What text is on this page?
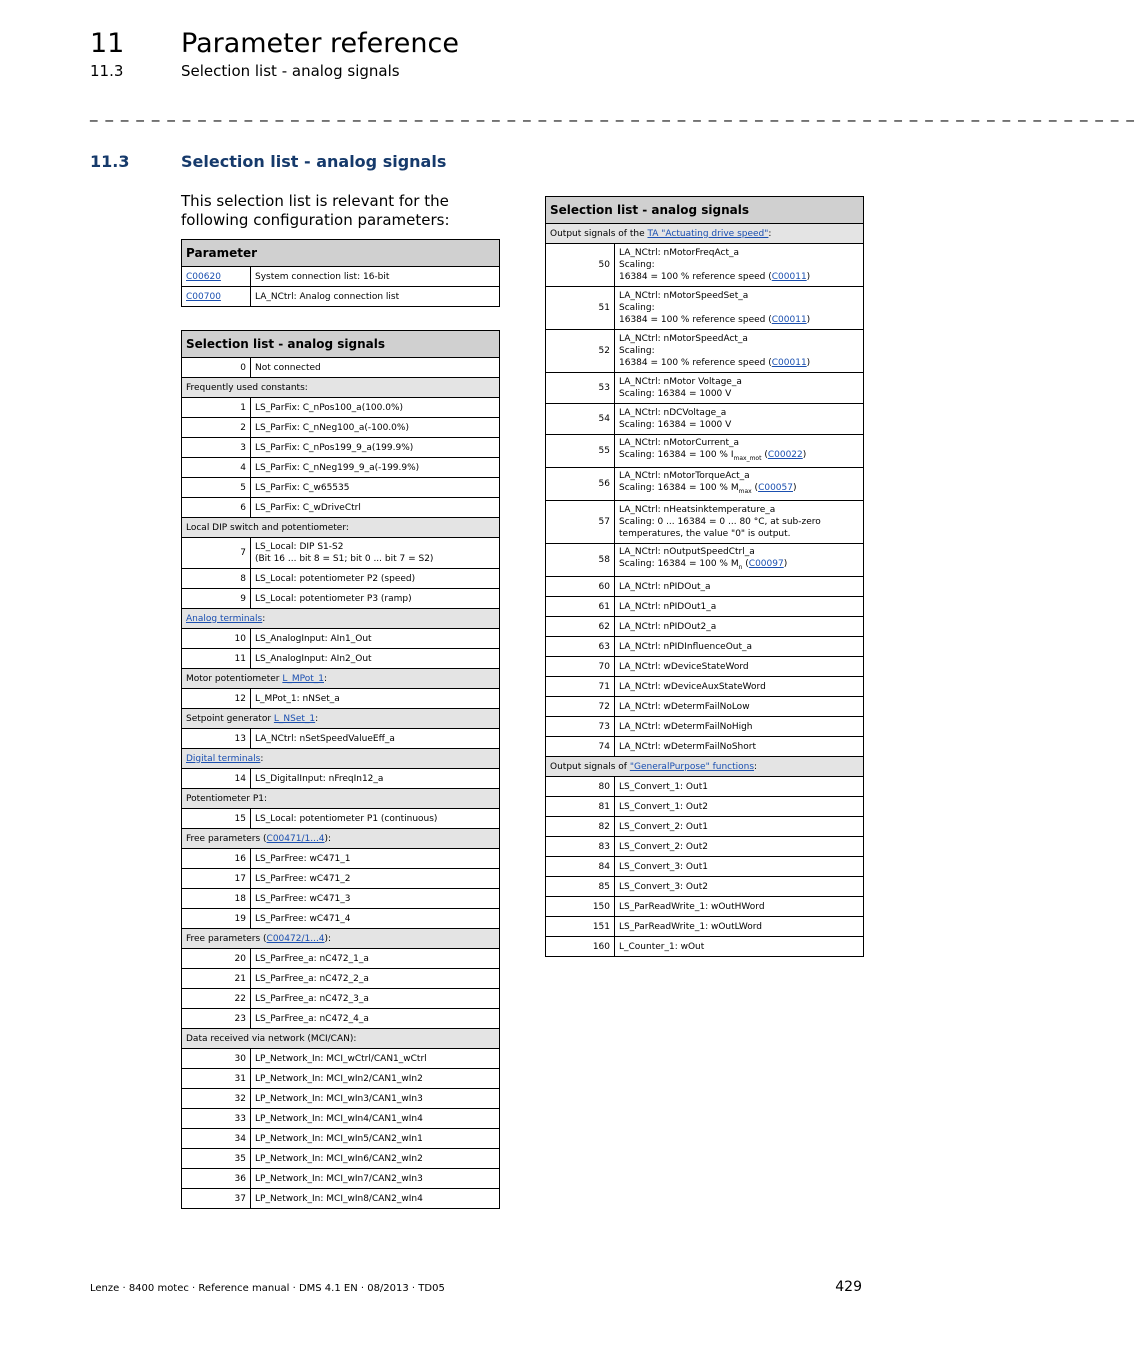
11 Parameter reference
11.3	Selection list - analog signals
_ _ _ _ _ _ _ _ _ _ _ _ _ _ _ _ _ _ _ _ _ _ _ _ _ _ _ _ _ _ _ _ _ _ _ _ _ _ _ _ _ _ _ _ _ _ _ _ _ _ _ _ _ _ _ _ _ _ _ _ _ _ _ _ _ _ _ _
11.3	Selection list - analog signals
This selection list is relevant for the following configuration parameters:
Parameter	
C00620	System connection list: 16-bit
C00700	LA_NCtrl: Analog connection list
Selection list - analog signals	
0	Not connected
Frequently used constants:	
1	LS_ParFix: C_nPos100_a(100.0%)
2	LS_ParFix: C_nNeg100_a(-100.0%)
3	LS_ParFix: C_nPos199_9_a(199.9%)
4	LS_ParFix: C_nNeg199_9_a(-199.9%)
5	LS_ParFix: C_w65535
6	LS_ParFix: C_wDriveCtrl
Local DIP switch and potentiometer:	
7	LS_Local: DIP S1-S2
(Bit 16 ... bit 8 = S1; bit 0 ... bit 7 = S2)
8	LS_Local: potentiometer P2 (speed)
9	LS_Local: potentiometer P3 (ramp)
Analog terminals:	
10	LS_AnalogInput: AIn1_Out
11	LS_AnalogInput: AIn2_Out
Motor potentiometer L_MPot_1:	
12	L_MPot_1: nNSet_a
Setpoint generator L_NSet_1:	
13	LA_NCtrl: nSetSpeedValueEff_a
Digital terminals:	
14	LS_DigitalInput: nFreqIn12_a
Potentiometer P1:	
15	LS_Local: potentiometer P1 (continuous)
Free parameters (C00471/1...4):	
16	LS_ParFree: wC471_1
17	LS_ParFree: wC471_2
18	LS_ParFree: wC471_3
19	LS_ParFree: wC471_4
Free parameters (C00472/1...4):	
20	LS_ParFree_a: nC472_1_a
21	LS_ParFree_a: nC472_2_a
22	LS_ParFree_a: nC472_3_a
23	LS_ParFree_a: nC472_4_a
Data received via network (MCI/CAN):	
30	LP_Network_In: MCI_wCtrl/CAN1_wCtrl
31	LP_Network_In: MCI_wIn2/CAN1_wIn2
32	LP_Network_In: MCI_wIn3/CAN1_wIn3
33	LP_Network_In: MCI_wIn4/CAN1_wIn4
34	LP_Network_In: MCI_wIn5/CAN2_wIn1
35	LP_Network_In: MCI_wIn6/CAN2_wIn2
36	LP_Network_In: MCI_wIn7/CAN2_wIn3
37	LP_Network_In: MCI_wIn8/CAN2_wIn4
Selection list - analog signals	
Output signals of the TA "Actuating drive speed":	
50	LA_NCtrl: nMotorFreqAct_a
Scaling:
16384 = 100 % reference speed (C00011)
51	LA_NCtrl: nMotorSpeedSet_a
Scaling:
16384 = 100 % reference speed (C00011)
52	LA_NCtrl: nMotorSpeedAct_a
Scaling:
16384 = 100 % reference speed (C00011)
53	LA_NCtrl: nMotor Voltage_a
Scaling: 16384 = 1000 V
54	LA_NCtrl: nDCVoltage_a
Scaling: 16384 = 1000 V
55	LA_NCtrl: nMotorCurrent_a
Scaling: 16384 = 100 % $I_{max\_mot}$ (C00022)
56	LA_NCtrl: nMotorTorqueAct_a
Scaling: 16384 = 100 % $M_{max}$ (C00057)
57	LA_NCtrl: nHeatsinktemperature_a
Scaling: 0 ... 16384 = 0 ... 80 °C, at sub-zero
temperatures, the value "0" is output.
58	LA_NCtrl: nOutputSpeedCtrl_a
Scaling: 16384 = 100 % $M_n$ (C00097)
60	LA_NCtrl: nPIDOut_a
61	LA_NCtrl: nPIDOut1_a
62	LA_NCtrl: nPIDOut2_a
63	LA_NCtrl: nPIDInfluenceOut_a
70	LA_NCtrl: wDeviceStateWord
71	LA_NCtrl: wDeviceAuxStateWord
72	LA_NCtrl: wDetermFailNoLow
73	LA_NCtrl: wDetermFailNoHigh
74	LA_NCtrl: wDetermFailNoShort
Output signals of "GeneralPurpose" functions:	
80	LS_Convert_1: Out1
81	LS_Convert_1: Out2
82	LS_Convert_2: Out1
83	LS_Convert_2: Out2
84	LS_Convert_3: Out1
85	LS_Convert_3: Out2
150	LS_ParReadWrite_1: wOutHWord
151	LS_ParReadWrite_1: wOutLWord
160	L_Counter_1: wOut
Lenze · 8400 motec · Reference manual · DMS 4.1 EN · 08/2013 · TD05	429
